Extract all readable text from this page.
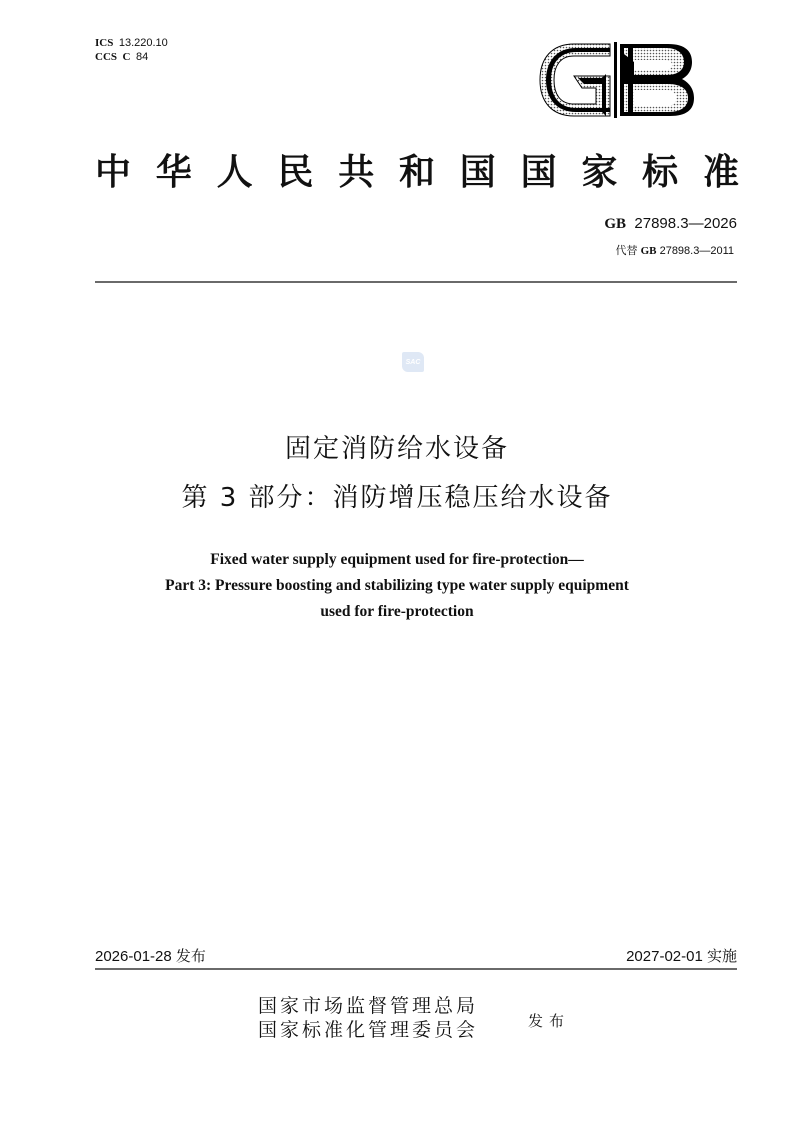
ICS 13.220.10
CCS C 84
中 华 人 民 共 和 国 国 家 标 准
GB 27898.3—2026
代替 GB 27898.3—2011
SAC
固定消防给水设备
第 3 部分：消防增压稳压给水设备
Fixed water supply equipment used for fire-protection—
Part 3: Pressure boosting and stabilizing type water supply equipment
used for fire-protection
2026-01-28 发布	2027-02-01 实施
国家市场监督管理总局
国家标准化管理委员会	发布
